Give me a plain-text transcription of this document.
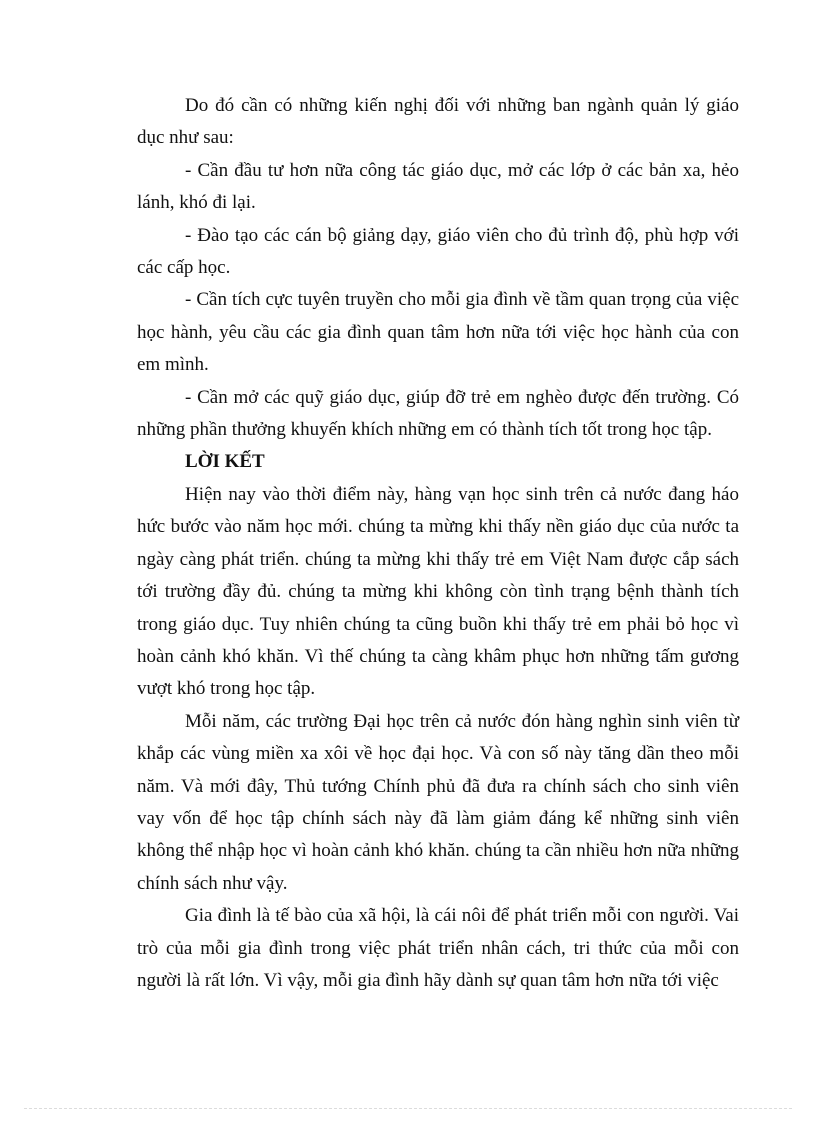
Do đó cần có những kiến nghị đối với những ban ngành quản lý giáo dục như sau:

- Cần đầu tư hơn nữa công tác giáo dục, mở các lớp ở các bản xa, hẻo lánh, khó đi lại.

- Đào tạo các cán bộ giảng dạy, giáo viên cho đủ trình độ, phù hợp với các cấp học.

- Cần tích cực tuyên truyền cho mỗi gia đình về tầm quan trọng của việc học hành, yêu cầu các gia đình quan tâm hơn nữa tới việc học hành của con em mình.

- Cần mở các quỹ giáo dục, giúp đỡ trẻ em nghèo được đến trường. Có những phần thưởng khuyến khích những em có thành tích tốt trong học tập.

LỜI KẾT

Hiện nay vào thời điểm này, hàng vạn học sinh trên cả nước đang háo hức bước vào năm học mới. chúng ta mừng khi thấy nền giáo dục của nước ta ngày càng phát triển. chúng ta mừng khi thấy trẻ em Việt Nam được cắp sách tới trường đầy đủ. chúng ta mừng khi không còn tình trạng bệnh thành tích trong giáo dục. Tuy nhiên chúng ta cũng buồn khi thấy trẻ em phải bỏ học vì hoàn cảnh khó khăn. Vì thế chúng ta càng khâm phục hơn những tấm gương vượt khó trong học tập.

Mỗi năm, các trường Đại học trên cả nước đón hàng nghìn sinh viên từ khắp các vùng miền xa xôi về học đại học. Và con số này tăng dần theo mỗi năm. Và mới đây, Thủ tướng Chính phủ đã đưa ra chính sách cho sinh viên vay vốn để học tập chính sách này đã làm giảm đáng kể những sinh viên không thể nhập học vì hoàn cảnh khó khăn. chúng ta cần nhiều hơn nữa những chính sách như vậy.

Gia đình là tế bào của xã hội, là cái nôi để phát triển mỗi con người. Vai trò của mỗi gia đình trong việc phát triển nhân cách, tri thức của mỗi con người là rất lớn. Vì vậy, mỗi gia đình hãy dành sự quan tâm hơn nữa tới việc
